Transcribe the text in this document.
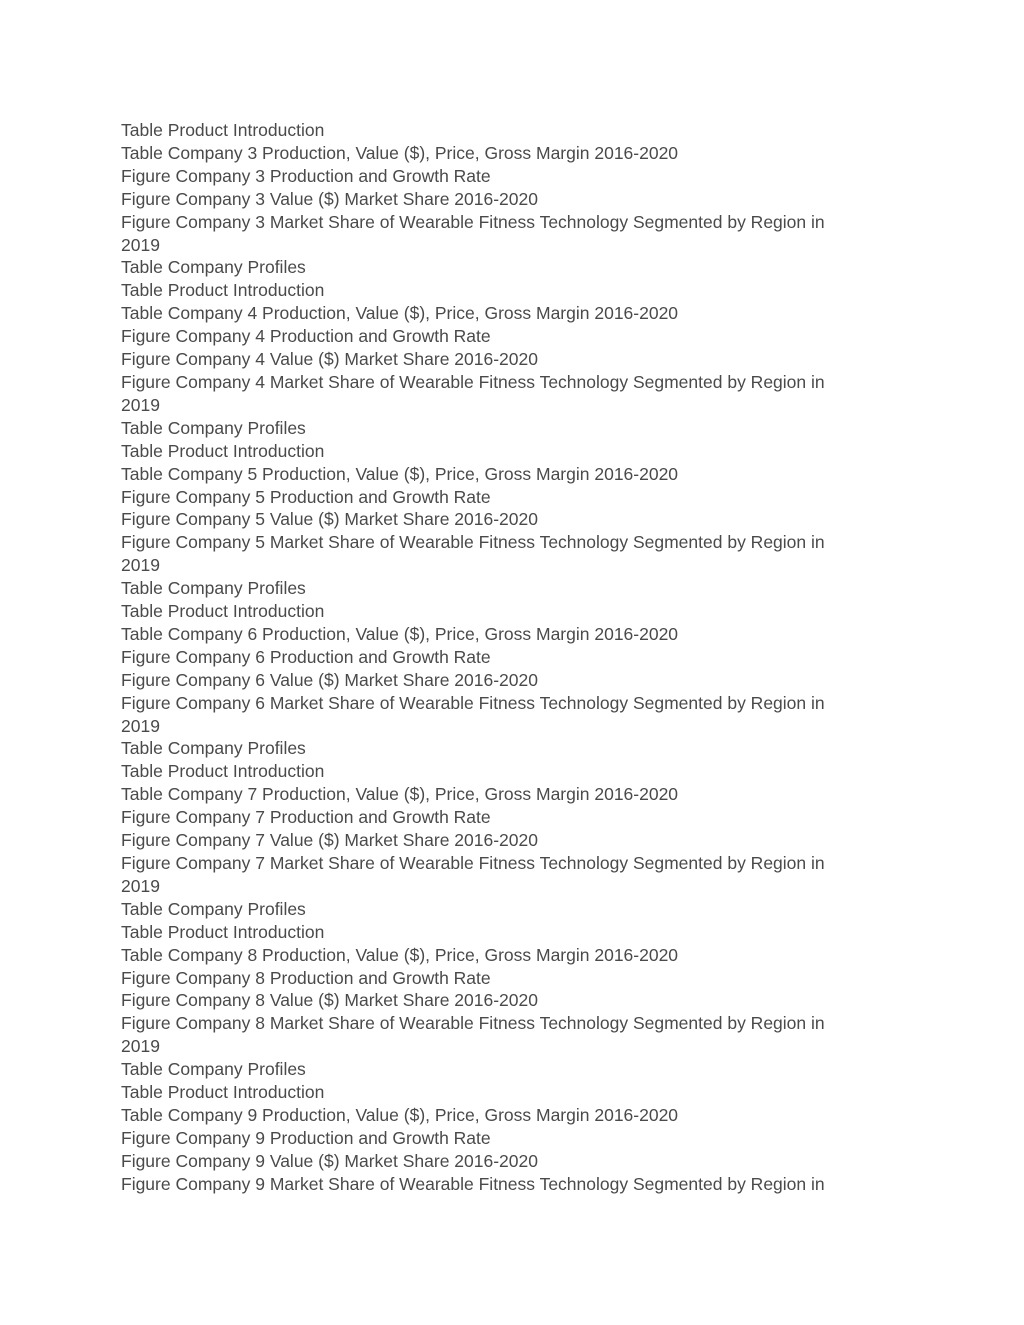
Table Product Introduction
Table Company 3 Production, Value ($), Price, Gross Margin 2016-2020
Figure Company 3 Production and Growth Rate
Figure Company 3 Value ($) Market Share 2016-2020
Figure Company 3 Market Share of Wearable Fitness Technology Segmented by Region in
2019
Table Company Profiles
Table Product Introduction
Table Company 4 Production, Value ($), Price, Gross Margin 2016-2020
Figure Company 4 Production and Growth Rate
Figure Company 4 Value ($) Market Share 2016-2020
Figure Company 4 Market Share of Wearable Fitness Technology Segmented by Region in
2019
Table Company Profiles
Table Product Introduction
Table Company 5 Production, Value ($), Price, Gross Margin 2016-2020
Figure Company 5 Production and Growth Rate
Figure Company 5 Value ($) Market Share 2016-2020
Figure Company 5 Market Share of Wearable Fitness Technology Segmented by Region in
2019
Table Company Profiles
Table Product Introduction
Table Company 6 Production, Value ($), Price, Gross Margin 2016-2020
Figure Company 6 Production and Growth Rate
Figure Company 6 Value ($) Market Share 2016-2020
Figure Company 6 Market Share of Wearable Fitness Technology Segmented by Region in
2019
Table Company Profiles
Table Product Introduction
Table Company 7 Production, Value ($), Price, Gross Margin 2016-2020
Figure Company 7 Production and Growth Rate
Figure Company 7 Value ($) Market Share 2016-2020
Figure Company 7 Market Share of Wearable Fitness Technology Segmented by Region in
2019
Table Company Profiles
Table Product Introduction
Table Company 8 Production, Value ($), Price, Gross Margin 2016-2020
Figure Company 8 Production and Growth Rate
Figure Company 8 Value ($) Market Share 2016-2020
Figure Company 8 Market Share of Wearable Fitness Technology Segmented by Region in
2019
Table Company Profiles
Table Product Introduction
Table Company 9 Production, Value ($), Price, Gross Margin 2016-2020
Figure Company 9 Production and Growth Rate
Figure Company 9 Value ($) Market Share 2016-2020
Figure Company 9 Market Share of Wearable Fitness Technology Segmented by Region in
